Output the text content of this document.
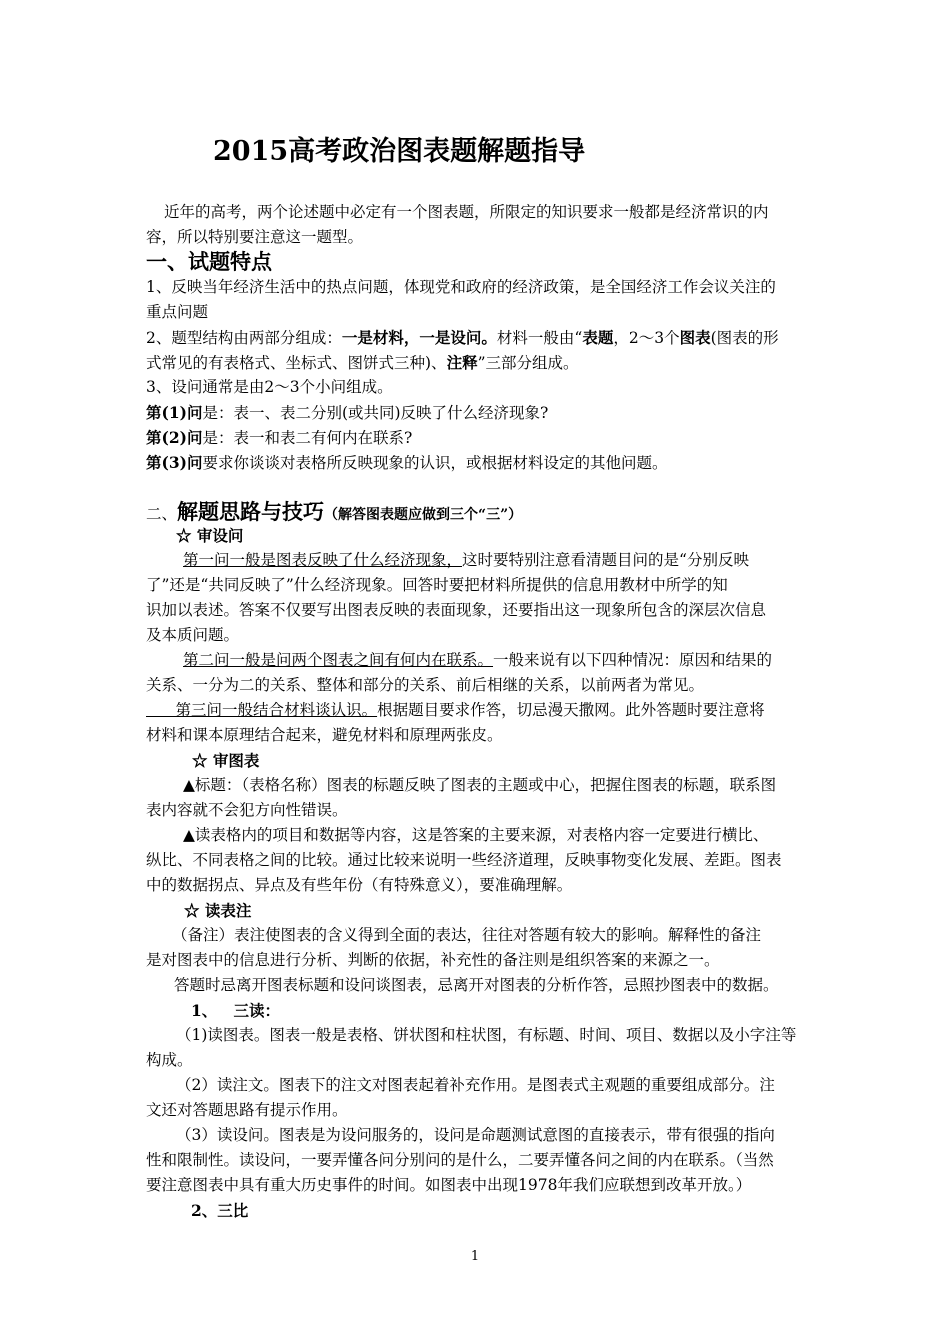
2015高考政治图表题解题指导
近年的高考，两个论述题中必定有一个图表题，所限定的知识要求一般都是经济常识的内
容，所以特别要注意这一题型。
一、试题特点
1、反映当年经济生活中的热点问题，体现党和政府的经济政策，是全国经济工作会议关注的
重点问题
2、题型结构由两部分组成：一是材料，一是设问。材料一般由“表题，2～3个图表(图表的形
式常见的有表格式、坐标式、图饼式三种)、注释”三部分组成。
3、设问通常是由2～3个小问组成。
第(1)问是：表一、表二分别(或共同)反映了什么经济现象?
第(2)问是：表一和表二有何内在联系?
第(3)问要求你谈谈对表格所反映现象的认识，或根据材料设定的其他问题。
二、解题思路与技巧（解答图表题应做到三个“三”）
☆ 审设问
第一问一般是图表反映了什么经济现象，这时要特别注意看清题目问的是“分别反映
了”还是“共同反映了”什么经济现象。回答时要把材料所提供的信息用教材中所学的知
识加以表述。答案不仅要写出图表反映的表面现象，还要指出这一现象所包含的深层次信息
及本质问题。
第二问一般是问两个图表之间有何内在联系。一般来说有以下四种情况：原因和结果的
关系、一分为二的关系、整体和部分的关系、前后相继的关系，以前两者为常见。
第三问一般结合材料谈认识。根据题目要求作答，切忌漫天撒网。此外答题时要注意将
材料和课本原理结合起来，避免材料和原理两张皮。
☆ 审图表
▲标题：（表格名称）图表的标题反映了图表的主题或中心，把握住图表的标题，联系图
表内容就不会犯方向性错误。
▲读表格内的项目和数据等内容，这是答案的主要来源，对表格内容一定要进行横比、
纵比、不同表格之间的比较。通过比较来说明一些经济道理，反映事物变化发展、差距。图表
中的数据拐点、异点及有些年份（有特殊意义），要准确理解。
☆ 读表注
（备注）表注使图表的含义得到全面的表达，往往对答题有较大的影响。解释性的备注
是对图表中的信息进行分析、判断的依据，补充性的备注则是组织答案的来源之一。
答题时忌离开图表标题和设问谈图表，忌离开对图表的分析作答，忌照抄图表中的数据。
1、   三读：
（1)读图表。图表一般是表格、饼状图和柱状图，有标题、时间、项目、数据以及小字注等
构成。
（2）读注文。图表下的注文对图表起着补充作用。是图表式主观题的重要组成部分。注
文还对答题思路有提示作用。
（3）读设问。图表是为设问服务的，设问是命题测试意图的直接表示，带有很强的指向
性和限制性。读设问，一要弄懂各问分别问的是什么，二要弄懂各问之间的内在联系。（当然
要注意图表中具有重大历史事件的时间。如图表中出现1978年我们应联想到改革开放。）
2、三比
1
